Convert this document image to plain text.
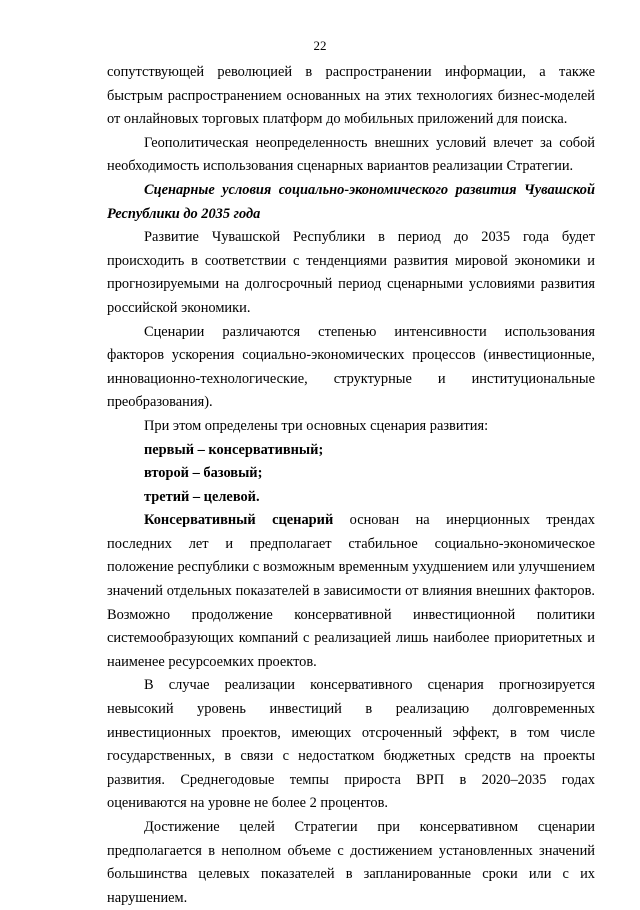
22

сопутствующей революцией в распространении информации, а также быстрым распространением основанных на этих технологиях бизнес-моделей от онлайновых торговых платформ до мобильных приложений для поиска.

Геополитическая неопределенность внешних условий влечет за собой необходимость использования сценарных вариантов реализации Стратегии.

Сценарные условия социально-экономического развития Чувашской Республики до 2035 года

Развитие Чувашской Республики в период до 2035 года будет происходить в соответствии с тенденциями развития мировой экономики и прогнозируемыми на долгосрочный период сценарными условиями развития российской экономики.

Сценарии различаются степенью интенсивности использования факторов ускорения социально-экономических процессов (инвестиционные, инновационно-технологические, структурные и институциональные преобразования).

При этом определены три основных сценария развития:

первый – консервативный;

второй – базовый;

третий – целевой.

Консервативный сценарий основан на инерционных трендах последних лет и предполагает стабильное социально-экономическое положение республики с возможным временным ухудшением или улучшением значений отдельных показателей в зависимости от влияния внешних факторов. Возможно продолжение консервативной инвестиционной политики системообразующих компаний с реализацией лишь наиболее приоритетных и наименее ресурсоемких проектов.

В случае реализации консервативного сценария прогнозируется невысокий уровень инвестиций в реализацию долговременных инвестиционных проектов, имеющих отсроченный эффект, в том числе государственных, в связи с недостатком бюджетных средств на проекты развития. Среднегодовые темпы прироста ВРП в 2020–2035 годах оцениваются на уровне не более 2 процентов.

Достижение целей Стратегии при консервативном сценарии предполагается в неполном объеме с достижением установленных значений большинства целевых показателей в запланированные сроки или с их нарушением.
